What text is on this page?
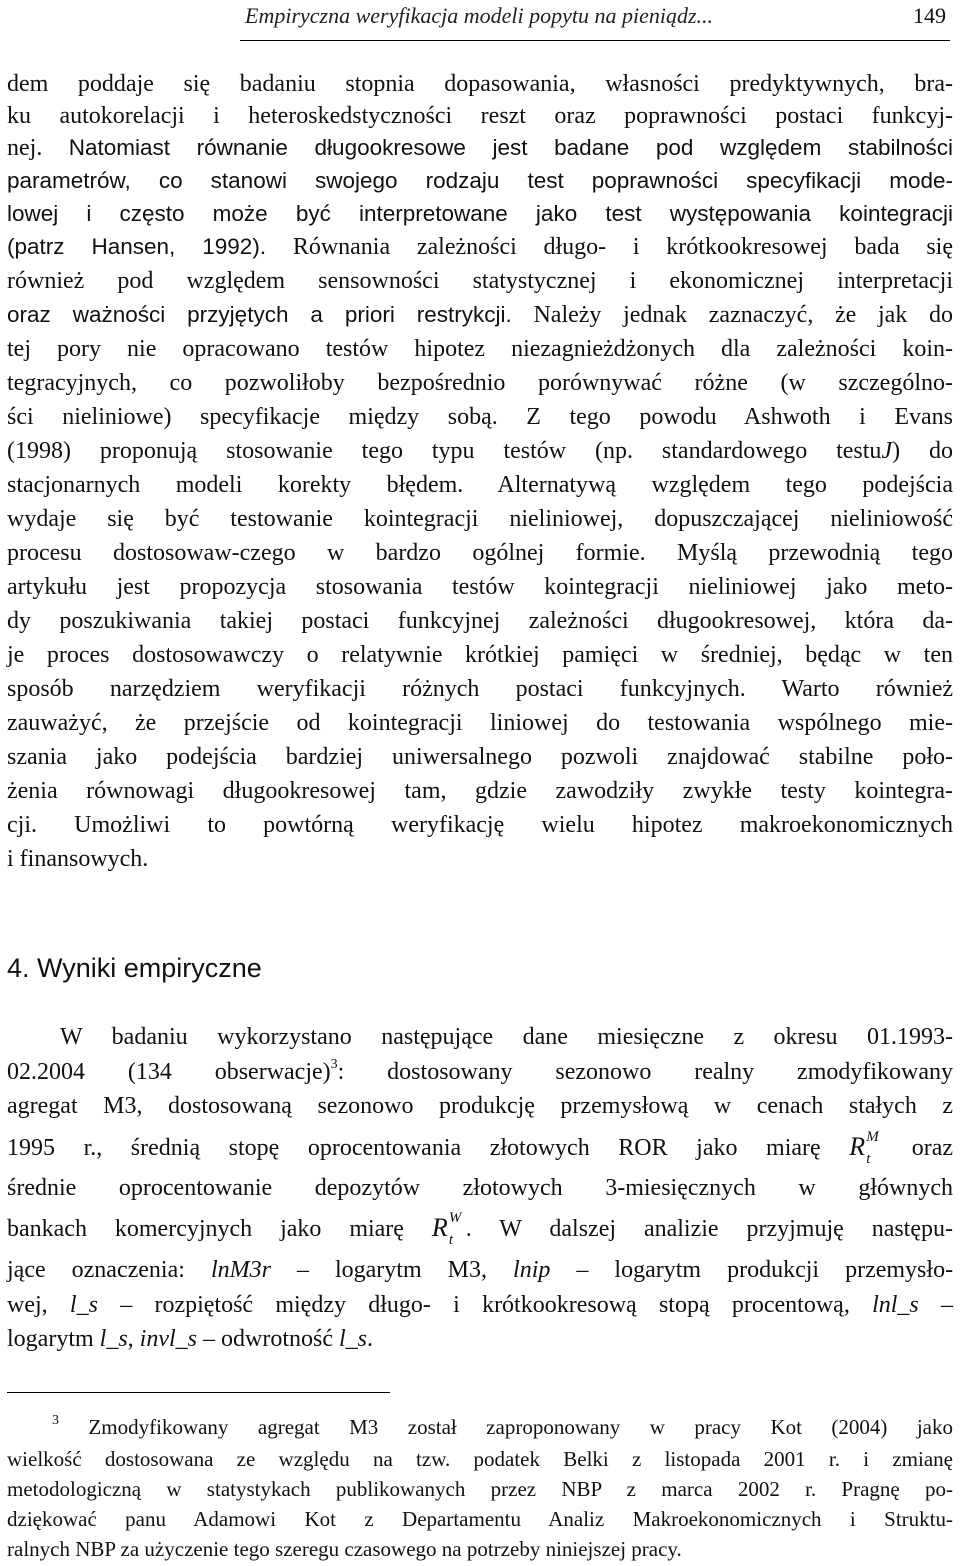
Empiryczna weryfikacja modeli popytu na pieniądz...	149
dem poddaje się badaniu stopnia dopasowania, własności predyktywnych, bra-
ku autokorelacji i heteroskedstyczności reszt oraz poprawności postaci funkcyj-
nej. Natomiast równanie długookresowe jest badane pod względem stabilności
parametrów, co stanowi swojego rodzaju test poprawności specyfikacji mode-
lowej i często może być interpretowane jako test występowania kointegracji
(patrz Hansen, 1992). Równania zależności długo- i krótkookresowej bada się
również pod względem sensowności statystycznej i ekonomicznej interpretacji
oraz ważności przyjętych a priori restrykcji. Należy jednak zaznaczyć, że jak do
tej pory nie opracowano testów hipotez niezagnieżdżonych dla zależności koin-
tegracyjnych, co pozwoliłoby bezpośrednio porównywać różne (w szczególno-
ści nieliniowe) specyfikacje między sobą. Z tego powodu Ashwoth i Evans
(1998) proponują stosowanie tego typu testów (np. standardowego testuJ) do
stacjonarnych modeli korekty błędem. Alternatywą względem tego podejścia
wydaje się być testowanie kointegracji nieliniowej, dopuszczającej nieliniowość
procesu dostosowaw-czego w bardzo ogólnej formie. Myślą przewodnią tego
artykułu jest propozycja stosowania testów kointegracji nieliniowej jako meto-
dy poszukiwania takiej postaci funkcyjnej zależności długookresowej, która da-
je proces dostosowawczy o relatywnie krótkiej pamięci w średniej, będąc w ten
sposób narzędziem weryfikacji różnych postaci funkcyjnych. Warto również
zauważyć, że przejście od kointegracji liniowej do testowania wspólnego mie-
szania jako podejścia bardziej uniwersalnego pozwoli znajdować stabilne poło-
żenia równowagi długookresowej tam, gdzie zawodziły zwykłe testy kointegra-
cji. Umożliwi to powtórną weryfikację wielu hipotez makroekonomicznych
i finansowych.
4. Wyniki empiryczne
W badaniu wykorzystano następujące dane miesięczne z okresu 01.1993-
02.2004 (134 obserwacje)$^3$: dostosowany sezonowo realny zmodyfikowany
agregat M3, dostosowaną sezonowo produkcję przemysłową w cenach stałych z
1995 r., średnią stopę oprocentowania złotowych ROR jako miarę R M
t oraz
średnie oprocentowanie depozytów złotowych 3-miesięcznych w głównych
bankach komercyjnych jako miarę R W
t . W dalszej analizie przyjmuję następu-
jące oznaczenia: lnM3r – logarytm M3, lnip – logarytm produkcji przemysło-
wej, l_s – rozpiętość między długo- i krótkookresową stopą procentową, lnl_s –
logarytm l_s, invl_s – odwrotność l_s.
$^3$ Zmodyfikowany agregat M3 został zaproponowany w pracy Kot (2004) jako
wielkość dostosowana ze względu na tzw. podatek Belki z listopada 2001 r. i zmianę
metodologiczną w statystykach publikowanych przez NBP z marca 2002 r. Pragnę po-
dziękować panu Adamowi Kot z Departamentu Analiz Makroekonomicznych i Struktu-
ralnych NBP za użyczenie tego szeregu czasowego na potrzeby niniejszej pracy.
